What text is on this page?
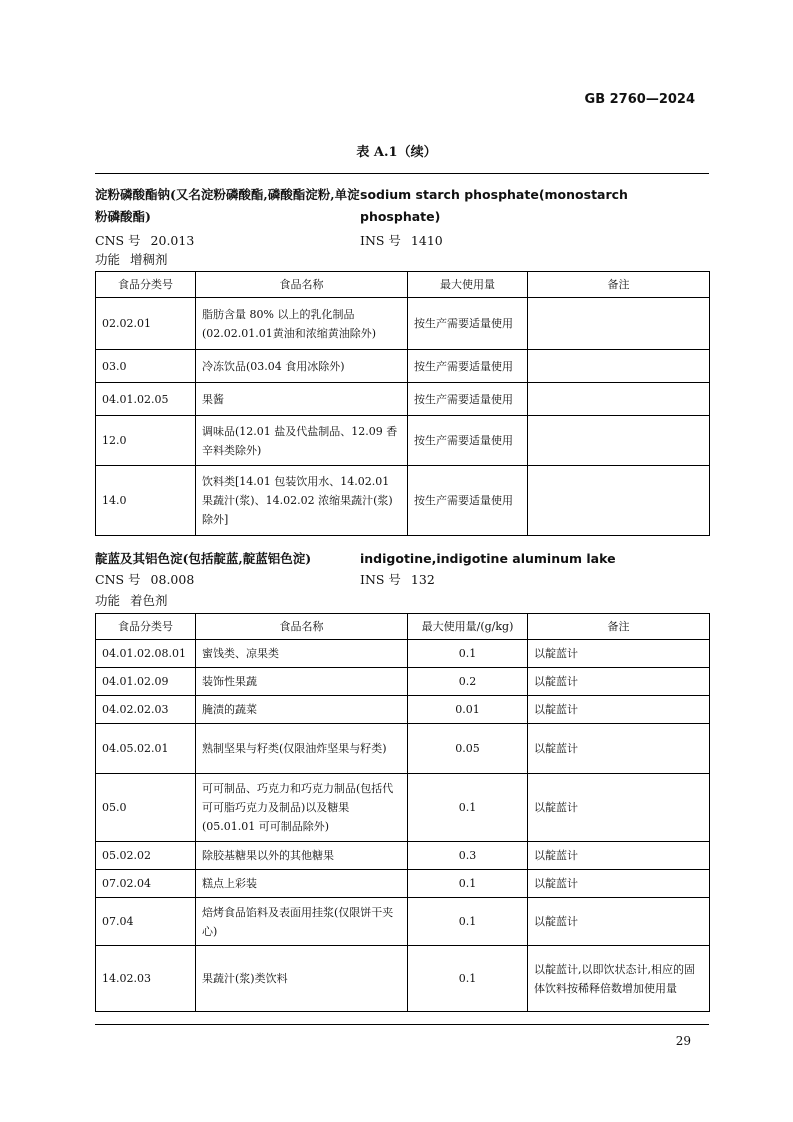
GB 2760—2024
表 A.1（续）
淀粉磷酸酯钠(又名淀粉磷酸酯,磷酸酯淀粉,单淀粉磷酸酯)
sodium starch phosphate(monostarch phosphate)
CNS 号 20.013	INS 号 1410
功能 增稠剂
食品分类号	食品名称	最大使用量	备注
02.02.01	脂肪含量 80% 以上的乳化制品(02.02.01.01黄油和浓缩黄油除外)	按生产需要适量使用	
03.0	冷冻饮品(03.04 食用冰除外)	按生产需要适量使用	
04.01.02.05	果酱	按生产需要适量使用	
12.0	调味品(12.01 盐及代盐制品、12.09 香辛料类除外)	按生产需要适量使用	
14.0	饮料类[14.01 包装饮用水、14.02.01 果蔬汁(浆)、14.02.02 浓缩果蔬汁(浆)除外]	按生产需要适量使用	
靛蓝及其铝色淀(包括靛蓝,靛蓝铝色淀)	indigotine,indigotine aluminum lake
CNS 号 08.008	INS 号 132
功能 着色剂
食品分类号	食品名称	最大使用量/(g/kg)	备注
04.01.02.08.01	蜜饯类、凉果类	0.1	以靛蓝计
04.01.02.09	装饰性果蔬	0.2	以靛蓝计
04.02.02.03	腌渍的蔬菜	0.01	以靛蓝计
04.05.02.01	熟制坚果与籽类(仅限油炸坚果与籽类)	0.05	以靛蓝计
05.0	可可制品、巧克力和巧克力制品(包括代可可脂巧克力及制品)以及糖果(05.01.01 可可制品除外)	0.1	以靛蓝计
05.02.02	除胶基糖果以外的其他糖果	0.3	以靛蓝计
07.02.04	糕点上彩装	0.1	以靛蓝计
07.04	焙烤食品馅料及表面用挂浆(仅限饼干夹心)	0.1	以靛蓝计
14.02.03	果蔬汁(浆)类饮料	0.1	以靛蓝计,以即饮状态计,相应的固体饮料按稀释倍数增加使用量
29
